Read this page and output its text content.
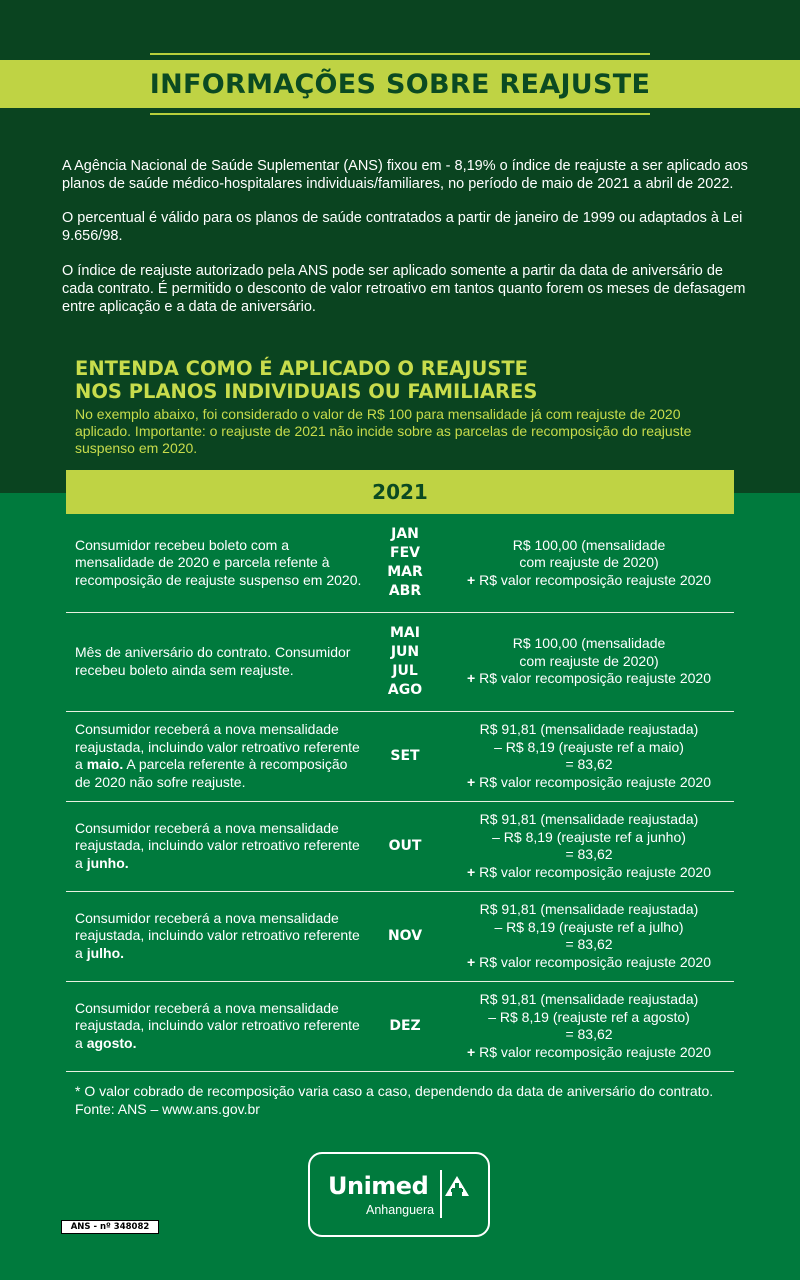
INFORMAÇÕES SOBRE REAJUSTE

A Agência Nacional de Saúde Suplementar (ANS) fixou em - 8,19% o índice de reajuste a ser aplicado aos planos de saúde médico-hospitalares individuais/familiares, no período de maio de 2021 a abril de 2022.

O percentual é válido para os planos de saúde contratados a partir de janeiro de 1999 ou adaptados à Lei 9.656/98.

O índice de reajuste autorizado pela ANS pode ser aplicado somente a partir da data de aniversário de cada contrato. É permitido o desconto de valor retroativo em tantos quanto forem os meses de defasagem entre aplicação e a data de aniversário.

ENTENDA COMO É APLICADO O REAJUSTE
NOS PLANOS INDIVIDUAIS OU FAMILIARES

No exemplo abaixo, foi considerado o valor de R$ 100 para mensalidade já com reajuste de 2020 aplicado. Importante: o reajuste de 2021 não incide sobre as parcelas de recomposição do reajuste suspenso em 2020.

2021
Consumidor recebeu boleto com a mensalidade de 2020 e parcela refente à recomposição de reajuste suspenso em 2020.
JAN
FEV
MAR
ABR
R$ 100,00 (mensalidade
com reajuste de 2020)
+ R$ valor recomposição reajuste 2020
Mês de aniversário do contrato. Consumidor recebeu boleto ainda sem reajuste.
MAI
JUN
JUL
AGO
R$ 100,00 (mensalidade
com reajuste de 2020)
+ R$ valor recomposição reajuste 2020
Consumidor receberá a nova mensalidade reajustada, incluindo valor retroativo referente a maio. A parcela referente à recomposição de 2020 não sofre reajuste.
SET
R$ 91,81 (mensalidade reajustada)
– R$ 8,19 (reajuste ref a maio)
= 83,62
+ R$ valor recomposição reajuste 2020
Consumidor receberá a nova mensalidade reajustada, incluindo valor retroativo referente a junho.
OUT
R$ 91,81 (mensalidade reajustada)
– R$ 8,19 (reajuste ref a junho)
= 83,62
+ R$ valor recomposição reajuste 2020
Consumidor receberá a nova mensalidade reajustada, incluindo valor retroativo referente a julho.
NOV
R$ 91,81 (mensalidade reajustada)
– R$ 8,19 (reajuste ref a julho)
= 83,62
+ R$ valor recomposição reajuste 2020
Consumidor receberá a nova mensalidade reajustada, incluindo valor retroativo referente a agosto.
DEZ
R$ 91,81 (mensalidade reajustada)
– R$ 8,19 (reajuste ref a agosto)
= 83,62
+ R$ valor recomposição reajuste 2020

* O valor cobrado de recomposição varia caso a caso, dependendo da data de aniversário do contrato.

Fonte: ANS – www.ans.gov.br

Unimed
Anhanguera
ANS - nº 348082
